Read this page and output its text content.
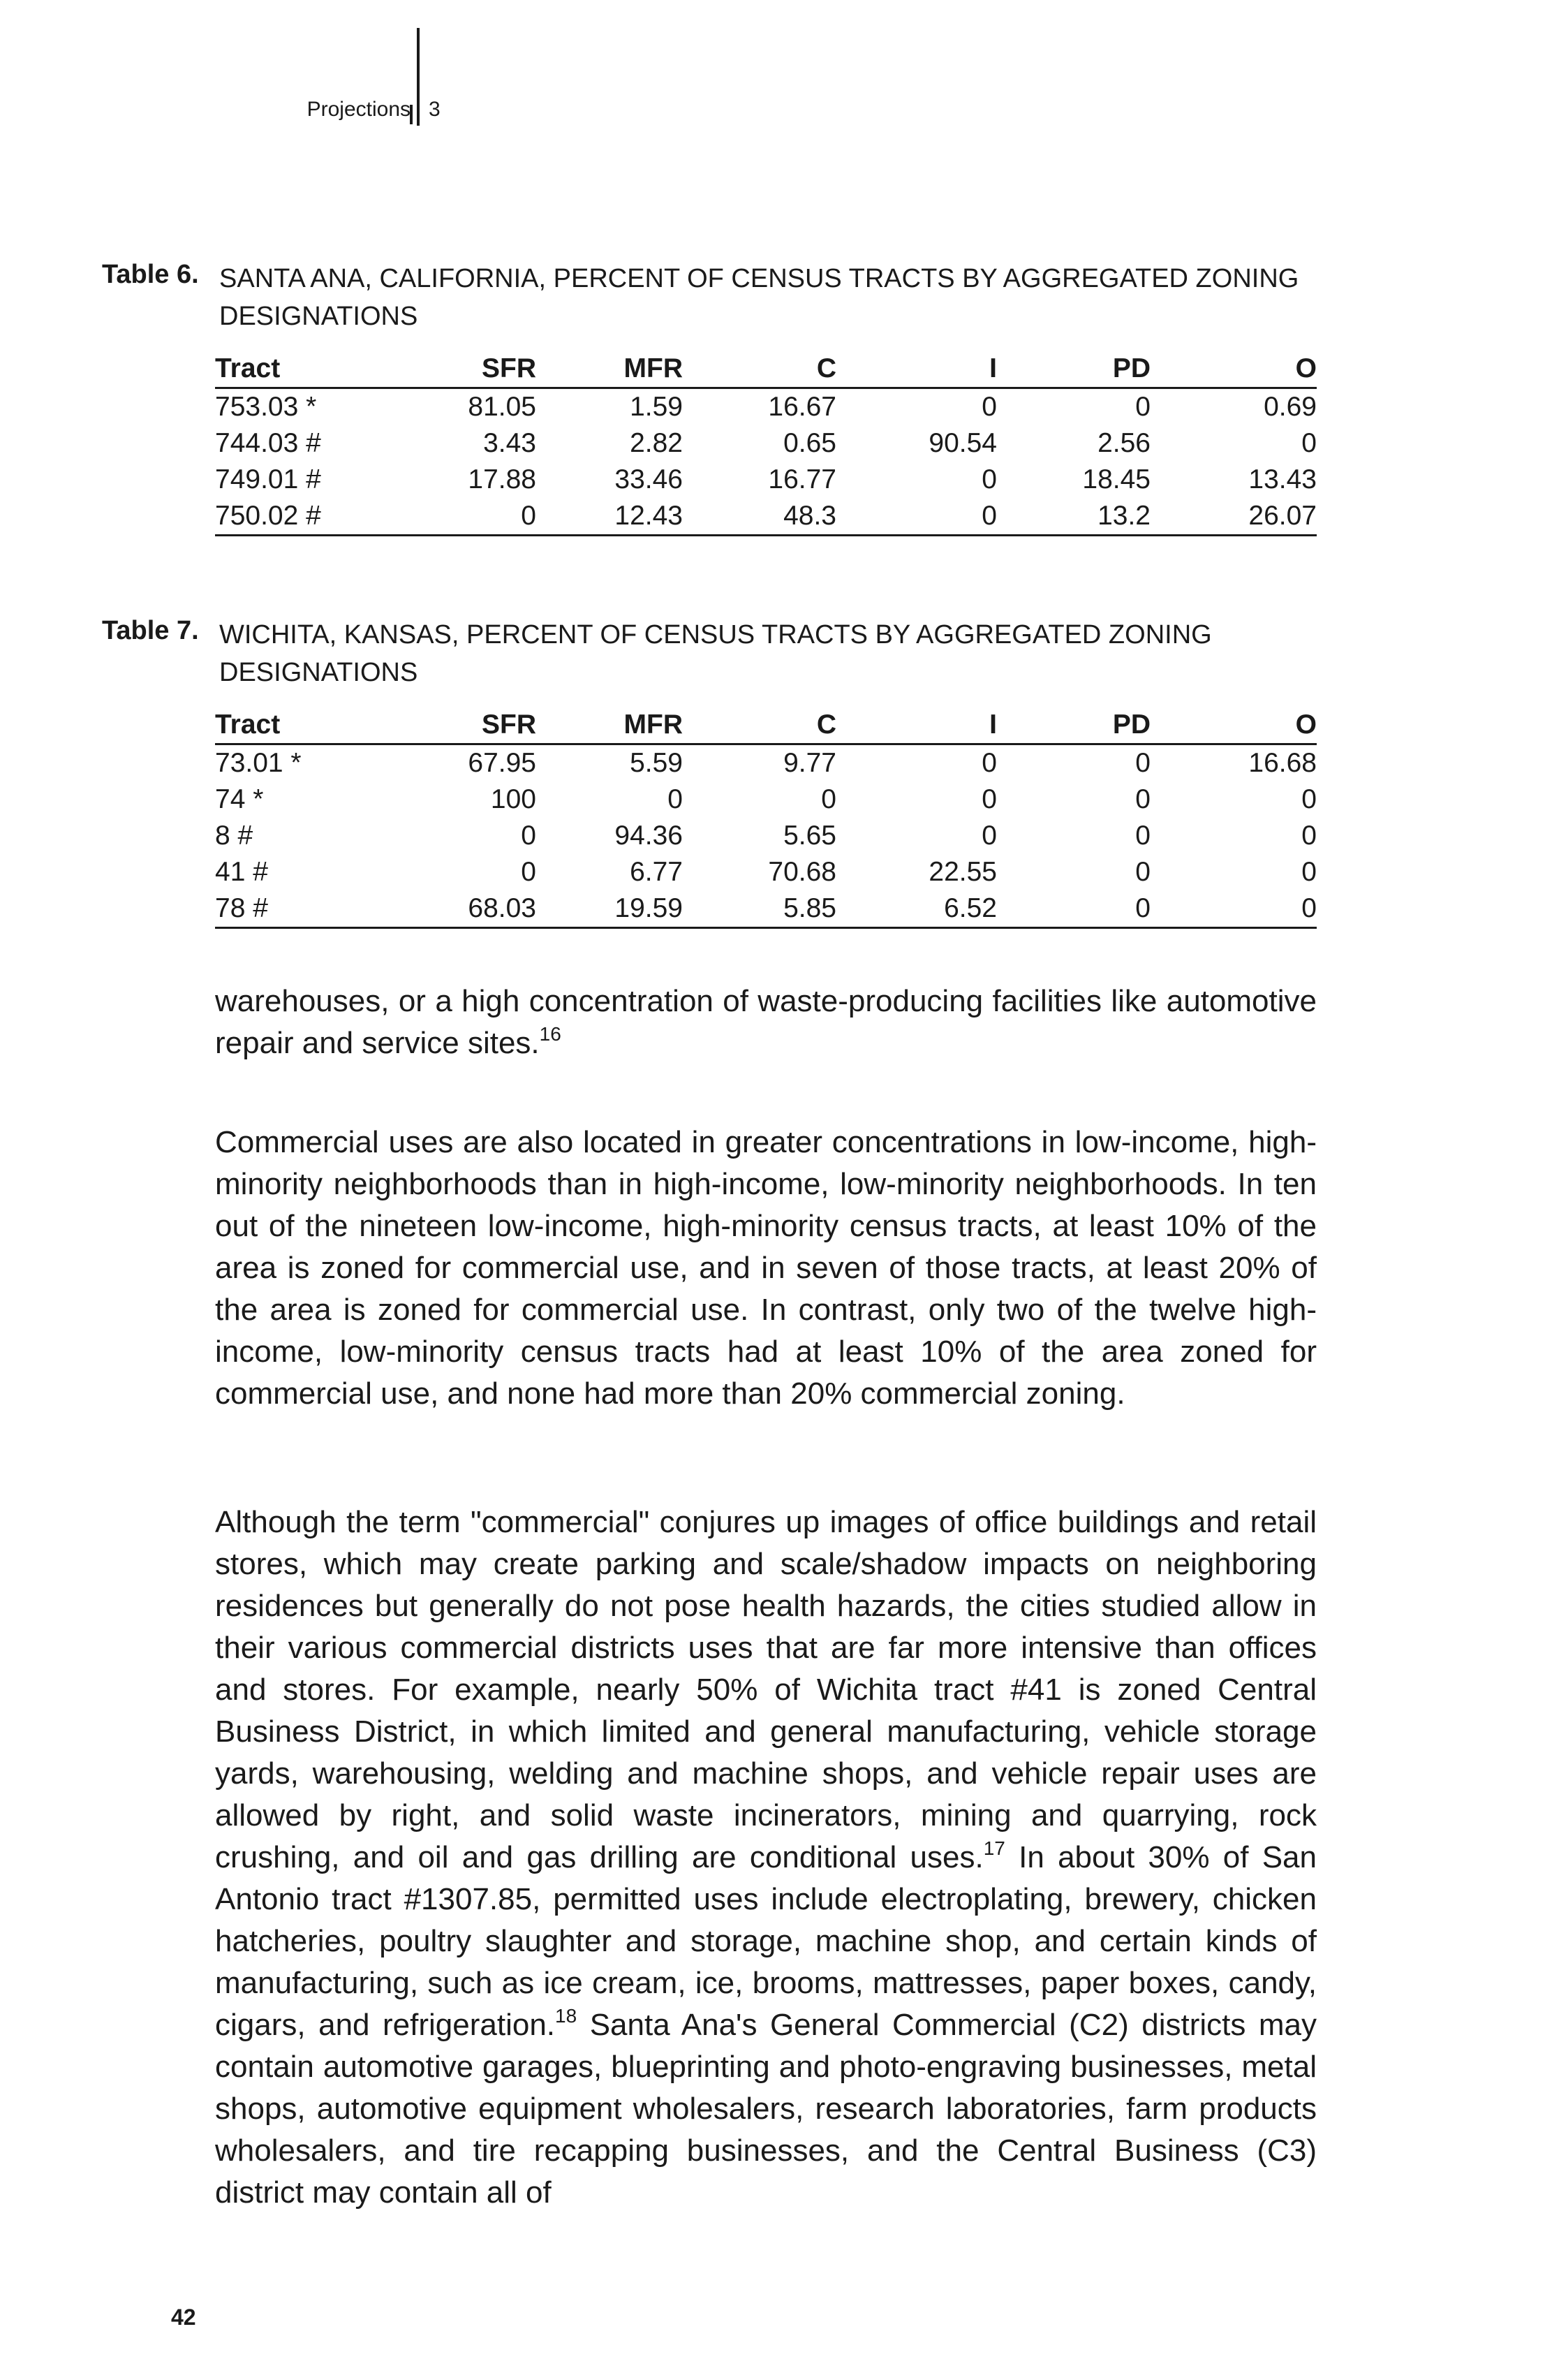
Projections 3
Table 6. SANTA ANA, CALIFORNIA, PERCENT OF CENSUS TRACTS BY AGGREGATED ZONING DESIGNATIONS
Tract	SFR	MFR	C	I	PD	O
753.03 *	81.05	1.59	16.67	0	0	0.69
744.03 #	3.43	2.82	0.65	90.54	2.56	0
749.01 #	17.88	33.46	16.77	0	18.45	13.43
750.02 #	0	12.43	48.3	0	13.2	26.07
Table 7. WICHITA, KANSAS, PERCENT OF CENSUS TRACTS BY AGGREGATED ZONING DESIGNATIONS
Tract	SFR	MFR	C	I	PD	O
73.01 *	67.95	5.59	9.77	0	0	16.68
74 *	100	0	0	0	0	0
8 #	0	94.36	5.65	0	0	0
41 #	0	6.77	70.68	22.55	0	0
78 #	68.03	19.59	5.85	6.52	0	0

warehouses, or a high concentration of waste-producing facilities like automotive repair and service sites.$^{16}$

Commercial uses are also located in greater concentrations in low-income, high-minority neighborhoods than in high-income, low-minority neighborhoods. In ten out of the nineteen low-income, high-minority census tracts, at least 10% of the area is zoned for commercial use, and in seven of those tracts, at least 20% of the area is zoned for commercial use. In contrast, only two of the twelve high-income, low-minority census tracts had at least 10% of the area zoned for commercial use, and none had more than 20% commercial zoning.

Although the term "commercial" conjures up images of office buildings and retail stores, which may create parking and scale/shadow impacts on neighboring residences but generally do not pose health hazards, the cities studied allow in their various commercial districts uses that are far more intensive than offices and stores. For example, nearly 50% of Wichita tract #41 is zoned Central Business District, in which limited and general manufacturing, vehicle storage yards, warehousing, welding and machine shops, and vehicle repair uses are allowed by right, and solid waste incinerators, mining and quarrying, rock crushing, and oil and gas drilling are conditional uses.$^{17}$ In about 30% of San Antonio tract #1307.85, permitted uses include electroplating, brewery, chicken hatcheries, poultry slaughter and storage, machine shop, and certain kinds of manufacturing, such as ice cream, ice, brooms, mattresses, paper boxes, candy, cigars, and refrigeration.$^{18}$ Santa Ana's General Commercial (C2) districts may contain automotive garages, blueprinting and photo-engraving businesses, metal shops, automotive equipment wholesalers, research laboratories, farm products wholesalers, and tire recapping businesses, and the Central Business (C3) district may contain all of

42
